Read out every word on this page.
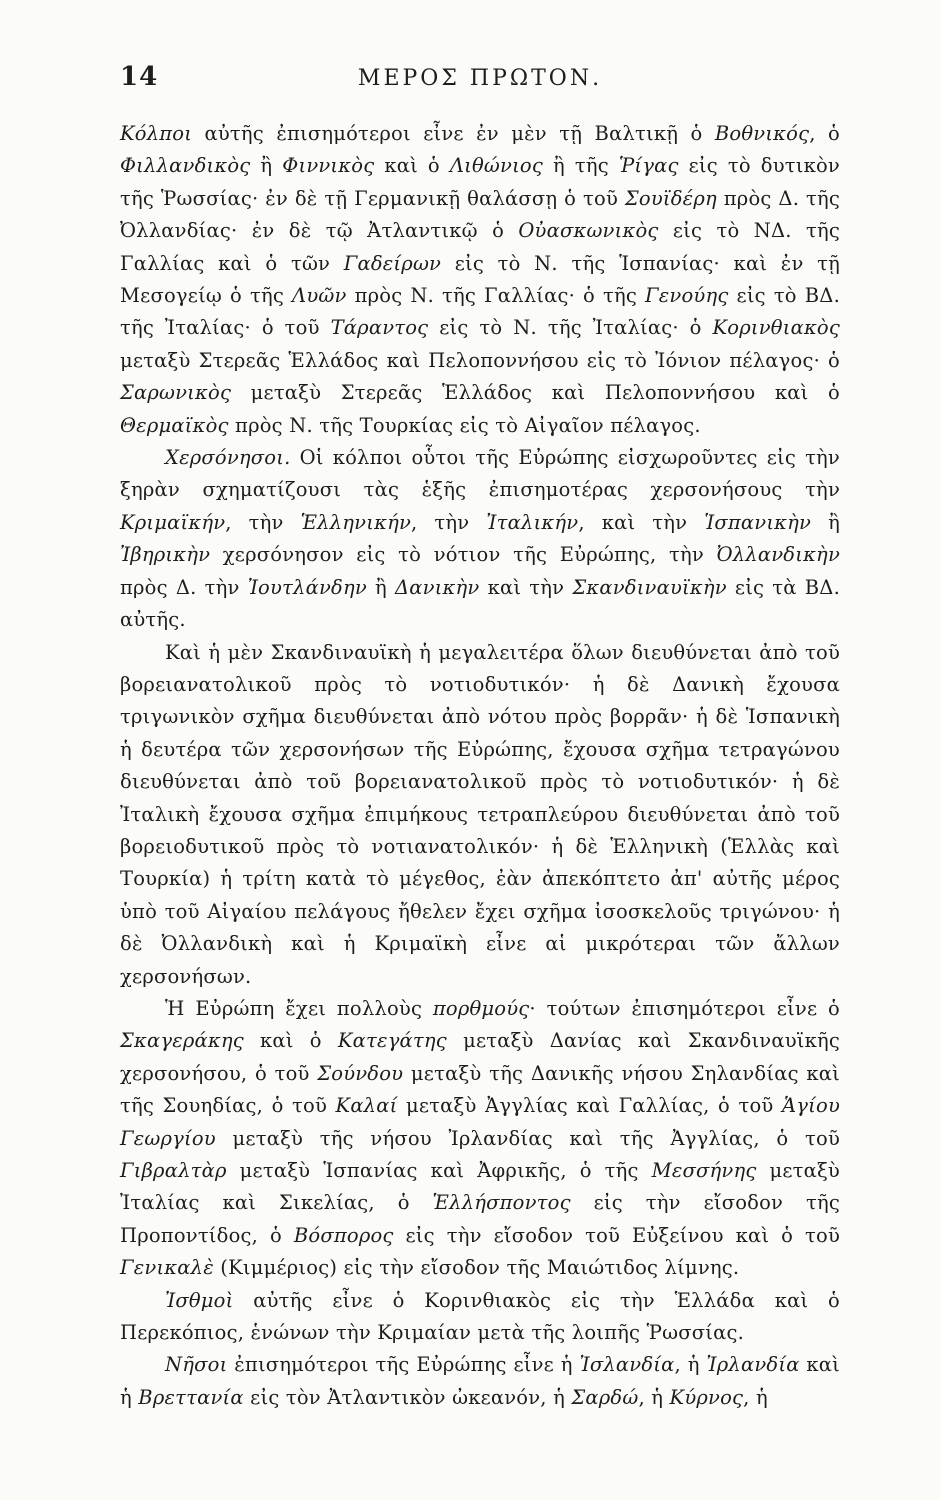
14	ΜΕΡΟΣ ΠΡΩΤΟΝ.

Κόλποι αὐτῆς ἐπισημότεροι εἶνε ἐν μὲν τῇ Βαλτικῇ ὁ Βοθνικός, ὁ Φιλλανδικὸς ἢ Φιννικὸς καὶ ὁ Λιθώνιος ἢ τῆς Ῥίγας εἰς τὸ δυτικὸν τῆς Ῥωσσίας· ἐν δὲ τῇ Γερμανικῇ θαλάσσῃ ὁ τοῦ Σουϊδέρη πρὸς Δ. τῆς Ὀλλανδίας· ἐν δὲ τῷ Ἀτλαντικῷ ὁ Οὐασκωνικὸς εἰς τὸ ΝΔ. τῆς Γαλλίας καὶ ὁ τῶν Γαδείρων εἰς τὸ Ν. τῆς Ἱσπανίας· καὶ ἐν τῇ Μεσογείῳ ὁ τῆς Λυῶν πρὸς Ν. τῆς Γαλλίας· ὁ τῆς Γενούης εἰς τὸ ΒΔ. τῆς Ἰταλίας· ὁ τοῦ Τάραντος εἰς τὸ Ν. τῆς Ἰταλίας· ὁ Κορινθιακὸς μεταξὺ Στερεᾶς Ἑλλάδος καὶ Πελοποννήσου εἰς τὸ Ἰόνιον πέλαγος· ὁ Σαρωνικὸς μεταξὺ Στερεᾶς Ἑλλάδος καὶ Πελοποννήσου καὶ ὁ Θερμαϊκὸς πρὸς Ν. τῆς Τουρκίας εἰς τὸ Αἰγαῖον πέλαγος.

Χερσόνησοι. Οἱ κόλποι οὗτοι τῆς Εὐρώπης εἰσχωροῦντες εἰς τὴν ξηρὰν σχηματίζουσι τὰς ἑξῆς ἐπισημοτέρας χερσονήσους τὴν Κριμαϊκήν, τὴν Ἑλληνικήν, τὴν Ἰταλικήν, καὶ τὴν Ἱσπανικὴν ἢ Ἰβηρικὴν χερσόνησον εἰς τὸ νότιον τῆς Εὐρώπης, τὴν Ὀλλανδικὴν πρὸς Δ. τὴν Ἰουτλάνδην ἢ Δανικὴν καὶ τὴν Σκανδιναυϊκὴν εἰς τὰ ΒΔ. αὐτῆς.

Καὶ ἡ μὲν Σκανδιναυϊκὴ ἡ μεγαλειτέρα ὅλων διευθύνεται ἀπὸ τοῦ βορειανατολικοῦ πρὸς τὸ νοτιοδυτικόν· ἡ δὲ Δανικὴ ἔχουσα τριγωνικὸν σχῆμα διευθύνεται ἀπὸ νότου πρὸς βορρᾶν· ἡ δὲ Ἱσπανικὴ ἡ δευτέρα τῶν χερσονήσων τῆς Εὐρώπης, ἔχουσα σχῆμα τετραγώνου διευθύνεται ἀπὸ τοῦ βορειανατολικοῦ πρὸς τὸ νοτιοδυτικόν· ἡ δὲ Ἰταλικὴ ἔχουσα σχῆμα ἐπιμήκους τετραπλεύρου διευθύνεται ἀπὸ τοῦ βορειοδυτικοῦ πρὸς τὸ νοτιανατολικόν· ἡ δὲ Ἑλληνικὴ (Ἑλλὰς καὶ Τουρκία) ἡ τρίτη κατὰ τὸ μέγεθος, ἐὰν ἀπεκόπτετο ἀπ' αὐτῆς μέρος ὑπὸ τοῦ Αἰγαίου πελάγους ἤθελεν ἔχει σχῆμα ἰσοσκελοῦς τριγώνου· ἡ δὲ Ὀλλανδικὴ καὶ ἡ Κριμαϊκὴ εἶνε αἱ μικρότεραι τῶν ἄλλων χερσονήσων.

Ἡ Εὐρώπη ἔχει πολλοὺς πορθμούς· τούτων ἐπισημότεροι εἶνε ὁ Σκαγεράκης καὶ ὁ Κατεγάτης μεταξὺ Δανίας καὶ Σκανδιναυϊκῆς χερσονήσου, ὁ τοῦ Σούνδου μεταξὺ τῆς Δανικῆς νήσου Σηλανδίας καὶ τῆς Σουηδίας, ὁ τοῦ Καλαί μεταξὺ Ἀγγλίας καὶ Γαλλίας, ὁ τοῦ Ἁγίου Γεωργίου μεταξὺ τῆς νήσου Ἰρλανδίας καὶ τῆς Ἀγγλίας, ὁ τοῦ Γιβραλτὰρ μεταξὺ Ἱσπανίας καὶ Ἀφρικῆς, ὁ τῆς Μεσσήνης μεταξὺ Ἰταλίας καὶ Σικελίας, ὁ Ἑλλήσποντος εἰς τὴν εἴσοδον τῆς Προποντίδος, ὁ Βόσπορος εἰς τὴν εἴσοδον τοῦ Εὐξείνου καὶ ὁ τοῦ Γενικαλὲ (Κιμμέριος) εἰς τὴν εἴσοδον τῆς Μαιώτιδος λίμνης.

Ἰσθμοὶ αὐτῆς εἶνε ὁ Κορινθιακὸς εἰς τὴν Ἑλλάδα καὶ ὁ Περεκόπιος, ἑνώνων τὴν Κριμαίαν μετὰ τῆς λοιπῆς Ῥωσσίας.

Νῆσοι ἐπισημότεροι τῆς Εὐρώπης εἶνε ἡ Ἰσλανδία, ἡ Ἰρλανδία καὶ ἡ Βρεττανία εἰς τὸν Ἀτλαντικὸν ὠκεανόν, ἡ Σαρδώ, ἡ Κύρνος, ἡ
